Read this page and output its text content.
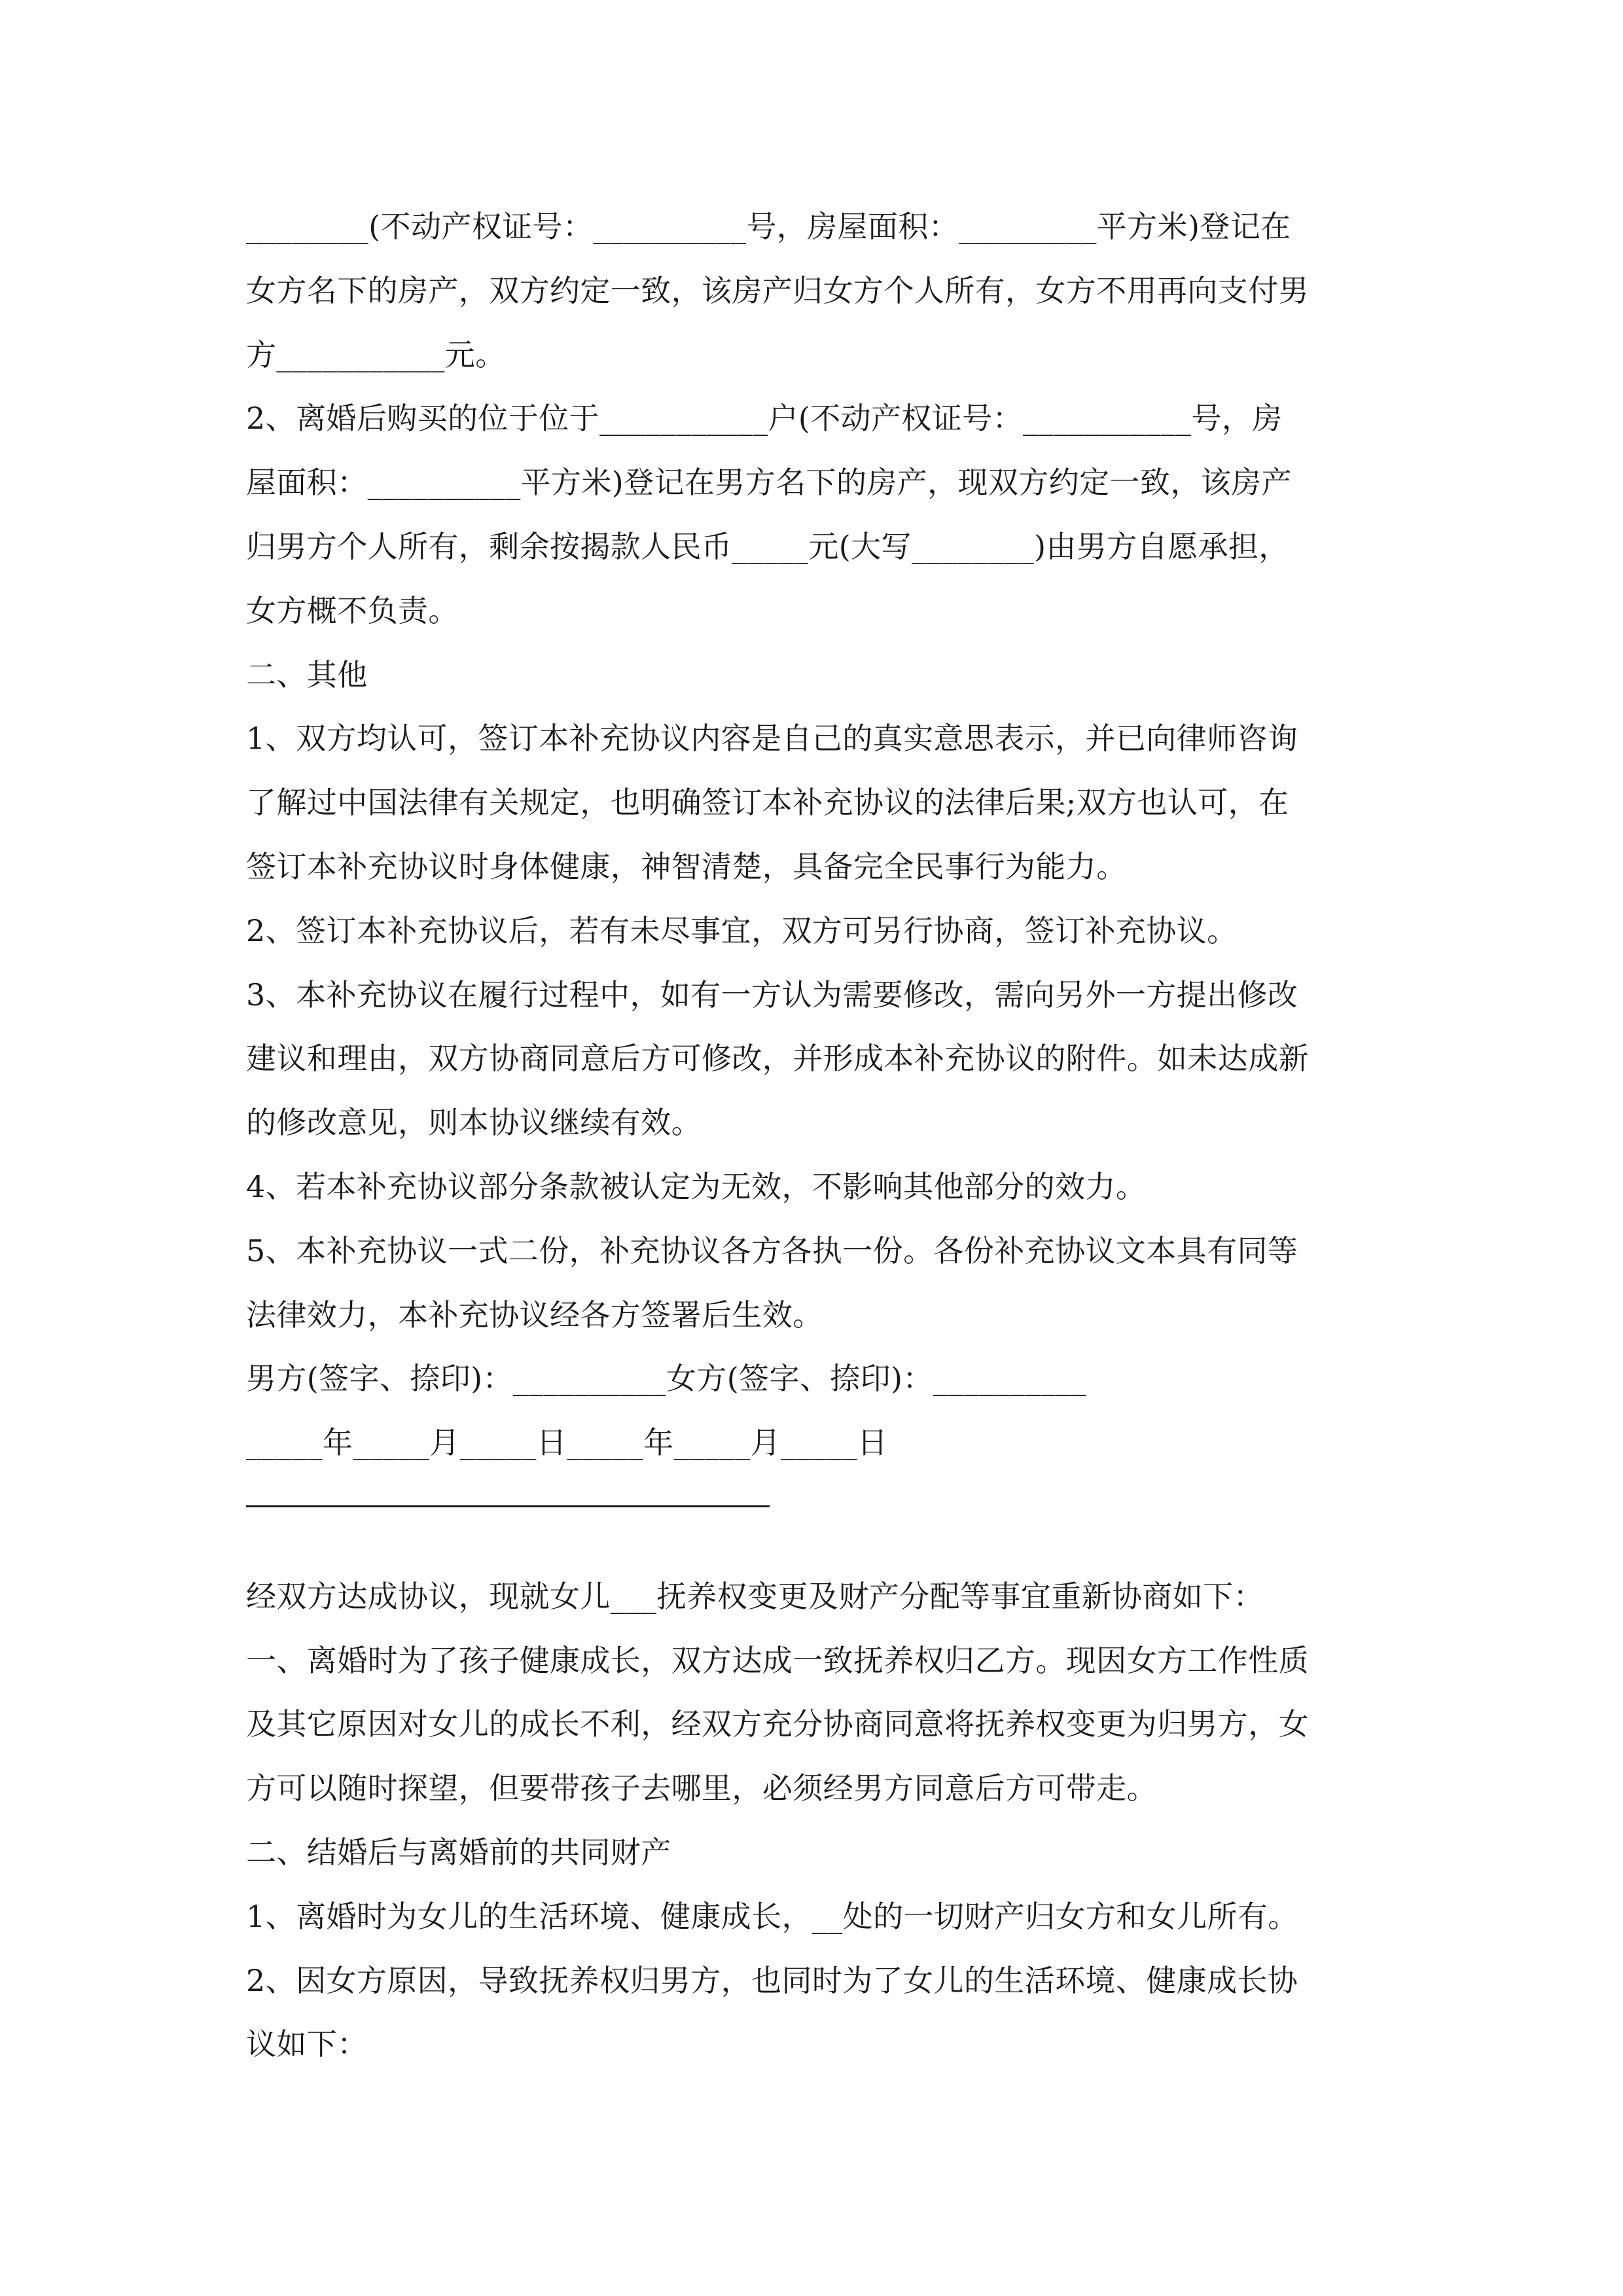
________(不动产权证号：__________号，房屋面积：_________平方米)登记在
女方名下的房产，双方约定一致，该房产归女方个人所有，女方不用再向支付男
方___________元。
2、离婚后购买的位于位于___________户(不动产权证号：___________号，房
屋面积：__________平方米)登记在男方名下的房产，现双方约定一致，该房产
归男方个人所有，剩余按揭款人民币_____元(大写________)由男方自愿承担，
女方概不负责。
二、其他
1、双方均认可，签订本补充协议内容是自己的真实意思表示，并已向律师咨询
了解过中国法律有关规定，也明确签订本补充协议的法律后果;双方也认可，在
签订本补充协议时身体健康，神智清楚，具备完全民事行为能力。
2、签订本补充协议后，若有未尽事宜，双方可另行协商，签订补充协议。
3、本补充协议在履行过程中，如有一方认为需要修改，需向另外一方提出修改
建议和理由，双方协商同意后方可修改，并形成本补充协议的附件。如未达成新
的修改意见，则本协议继续有效。
4、若本补充协议部分条款被认定为无效，不影响其他部分的效力。
5、本补充协议一式二份，补充协议各方各执一份。各份补充协议文本具有同等
法律效力，本补充协议经各方签署后生效。
男方(签字、捺印)：__________女方(签字、捺印)：__________
_____年_____月_____日_____年_____月_____日
经双方达成协议，现就女儿___抚养权变更及财产分配等事宜重新协商如下：
一、离婚时为了孩子健康成长，双方达成一致抚养权归乙方。现因女方工作性质
及其它原因对女儿的成长不利，经双方充分协商同意将抚养权变更为归男方，女
方可以随时探望，但要带孩子去哪里，必须经男方同意后方可带走。
二、结婚后与离婚前的共同财产
1、离婚时为女儿的生活环境、健康成长，__处的一切财产归女方和女儿所有。
2、因女方原因，导致抚养权归男方，也同时为了女儿的生活环境、健康成长协
议如下：
